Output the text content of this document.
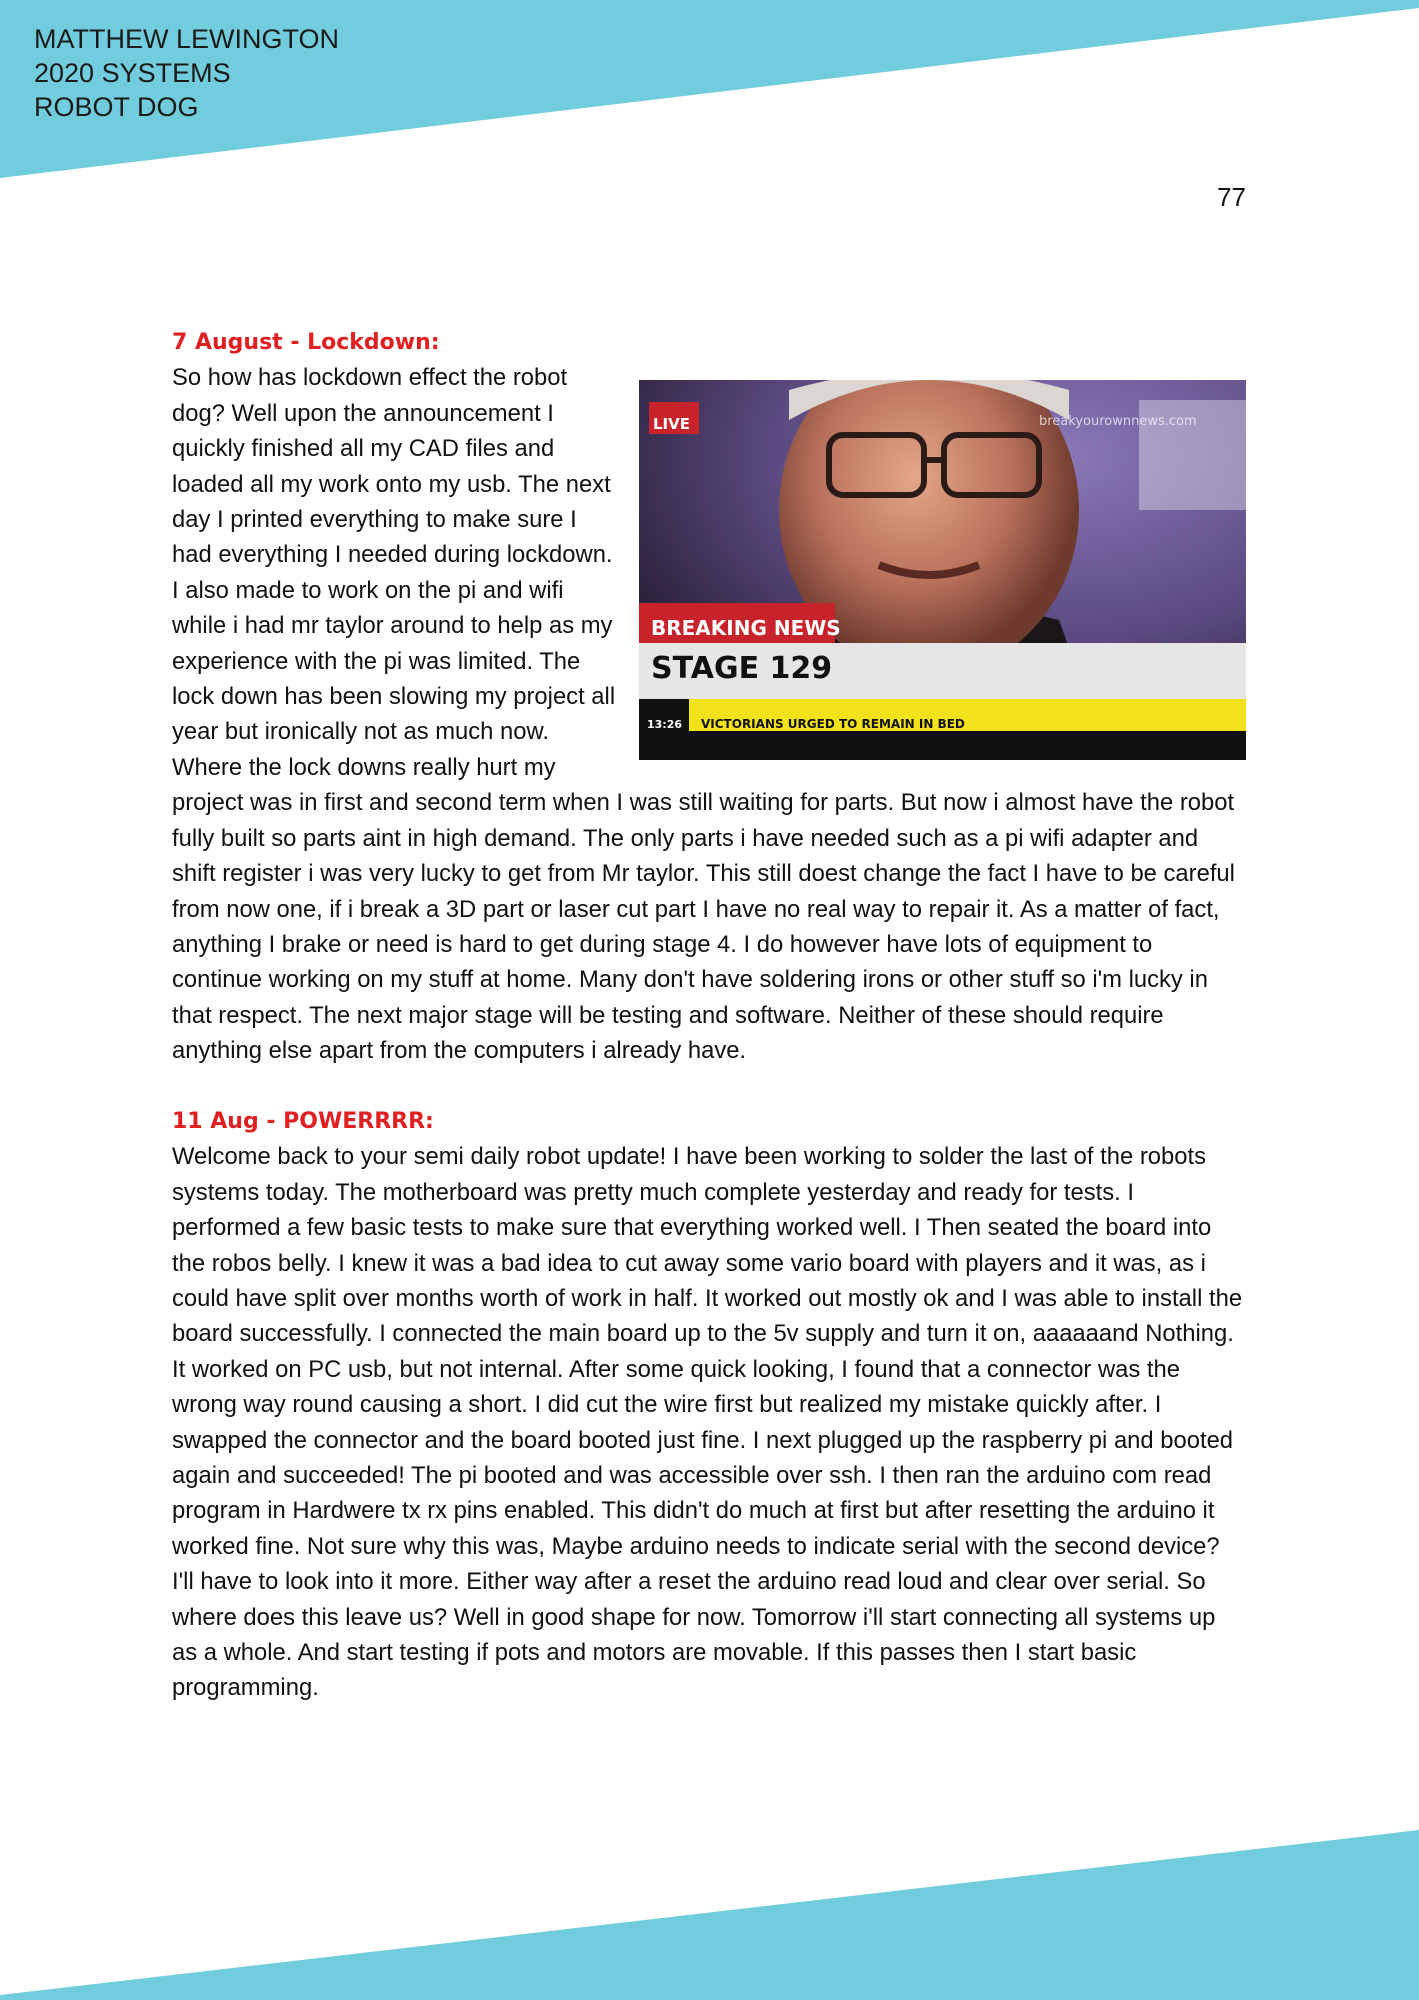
MATTHEW LEWINGTON
2020 SYSTEMS
ROBOT DOG
77
7 August - Lockdown:
LIVE	breakyourownnews.com
BREAKING NEWS
STAGE 129
13:26 VICTORIANS URGED TO REMAIN IN BED

So how has lockdown effect the robot dog? Well upon the announcement I quickly finished all my CAD files and loaded all my work onto my usb. The next day I printed everything to make sure I had everything I needed during lockdown. I also made to work on the pi and wifi while i had mr taylor around to help as my experience with the pi was limited. The lock down has been slowing my project all year but ironically not as much now. Where the lock downs really hurt my project was in first and second term when I was still waiting for parts. But now i almost have the robot fully built so parts aint in high demand. The only parts i have needed such as a pi wifi adapter and shift register i was very lucky to get from Mr taylor. This still doest change the fact I have to be careful from now one, if i break a 3D part or laser cut part I have no real way to repair it. As a matter of fact, anything I brake or need is hard to get during stage 4. I do however have lots of equipment to continue working on my stuff at home. Many don't have soldering irons or other stuff so i'm lucky in that respect. The next major stage will be testing and software. Neither of these should require anything else apart from the computers i already have.

11 Aug - POWERRRR:

Welcome back to your semi daily robot update! I have been working to solder the last of the robots systems today. The motherboard was pretty much complete yesterday and ready for tests. I performed a few basic tests to make sure that everything worked well. I Then seated the board into the robos belly. I knew it was a bad idea to cut away some vario board with players and it was, as i could have split over months worth of work in half. It worked out mostly ok and I was able to install the board successfully. I connected the main board up to the 5v supply and turn it on, aaaaaand Nothing. It worked on PC usb, but not internal. After some quick looking, I found that a connector was the wrong way round causing a short. I did cut the wire first but realized my mistake quickly after. I swapped the connector and the board booted just fine. I next plugged up the raspberry pi and booted again and succeeded! The pi booted and was accessible over ssh. I then ran the arduino com read program in Hardwere tx rx pins enabled. This didn't do much at first but after resetting the arduino it worked fine. Not sure why this was, Maybe arduino needs to indicate serial with the second device? I'll have to look into it more. Either way after a reset the arduino read loud and clear over serial. So where does this leave us? Well in good shape for now. Tomorrow i'll start connecting all systems up as a whole. And start testing if pots and motors are movable. If this passes then I start basic programming.
